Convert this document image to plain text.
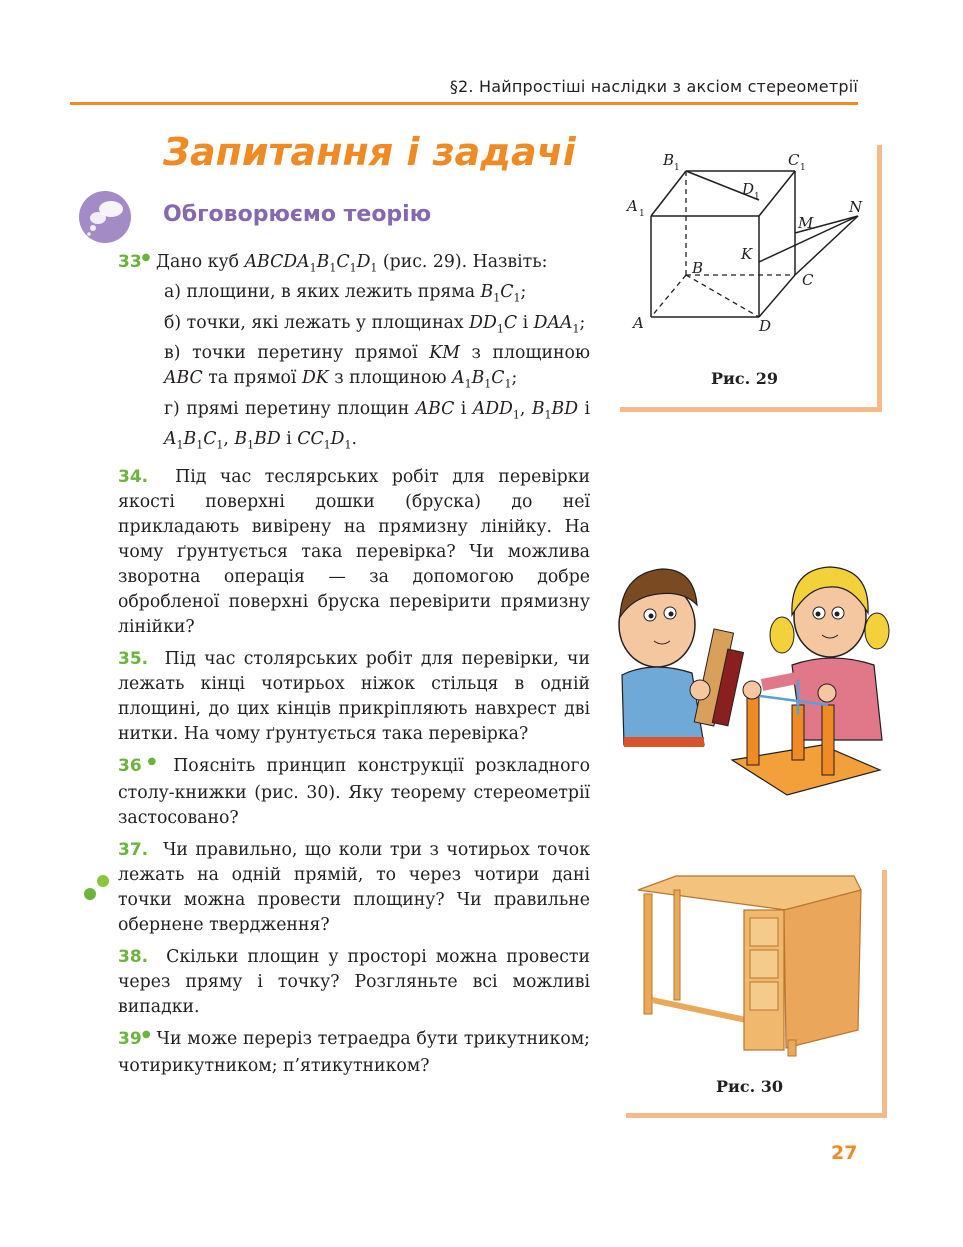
§2. Найпростіші наслідки з аксіом стереометрії
Запитання і задачі
Обговорюємо теорію

33● Дано куб $ABCDA_1B_1C_1D_1$ (рис. 29). Назвіть:

а) площини, в яких лежить пряма $B_1C_1$;

б) точки, які лежать у площинах $DD_1C$ і $DAA_1$;

в) точки перетину прямої KM з площиною ABC та прямої DK з площиною $A_1B_1C_1$;

г) прямі перетину площин ABC і $ADD_1$, $B_1BD$ і $A_1B_1C_1$, $B_1BD$ і $CC_1D_1$.

34. Під час теслярських робіт для перевірки якості поверхні дошки (бруска) до неї прикладають вивірену на прямизну лінійку. На чому ґрунтується така перевірка? Чи можлива зворотна операція — за допомогою добре обробленої поверхні бруска перевірити прямизну лінійки?

35. Під час столярських робіт для перевірки, чи лежать кінці чотирьох ніжок стільця в одній площині, до цих кінців прикріпляють навхрест дві нитки. На чому ґрунтується така перевірка?

36● Поясніть принцип конструкції розкладного столу-книжки (рис. 30). Яку теорему стереометрії застосовано?

37. Чи правильно, що коли три з чотирьох точок лежать на одній прямій, то через чотири дані точки можна провести площину? Чи правильне обернене твердження?

38. Скільки площин у просторі можна провести через пряму і точку? Розгляньте всі можливі випадки.

39● Чи може переріз тетраедра бути трикутником; чотирикутником; п’ятикутником?

B 1	C 1
D 1
A 1	M
N
K
B
C
A	D
Рис. 29
Рис. 30
27
